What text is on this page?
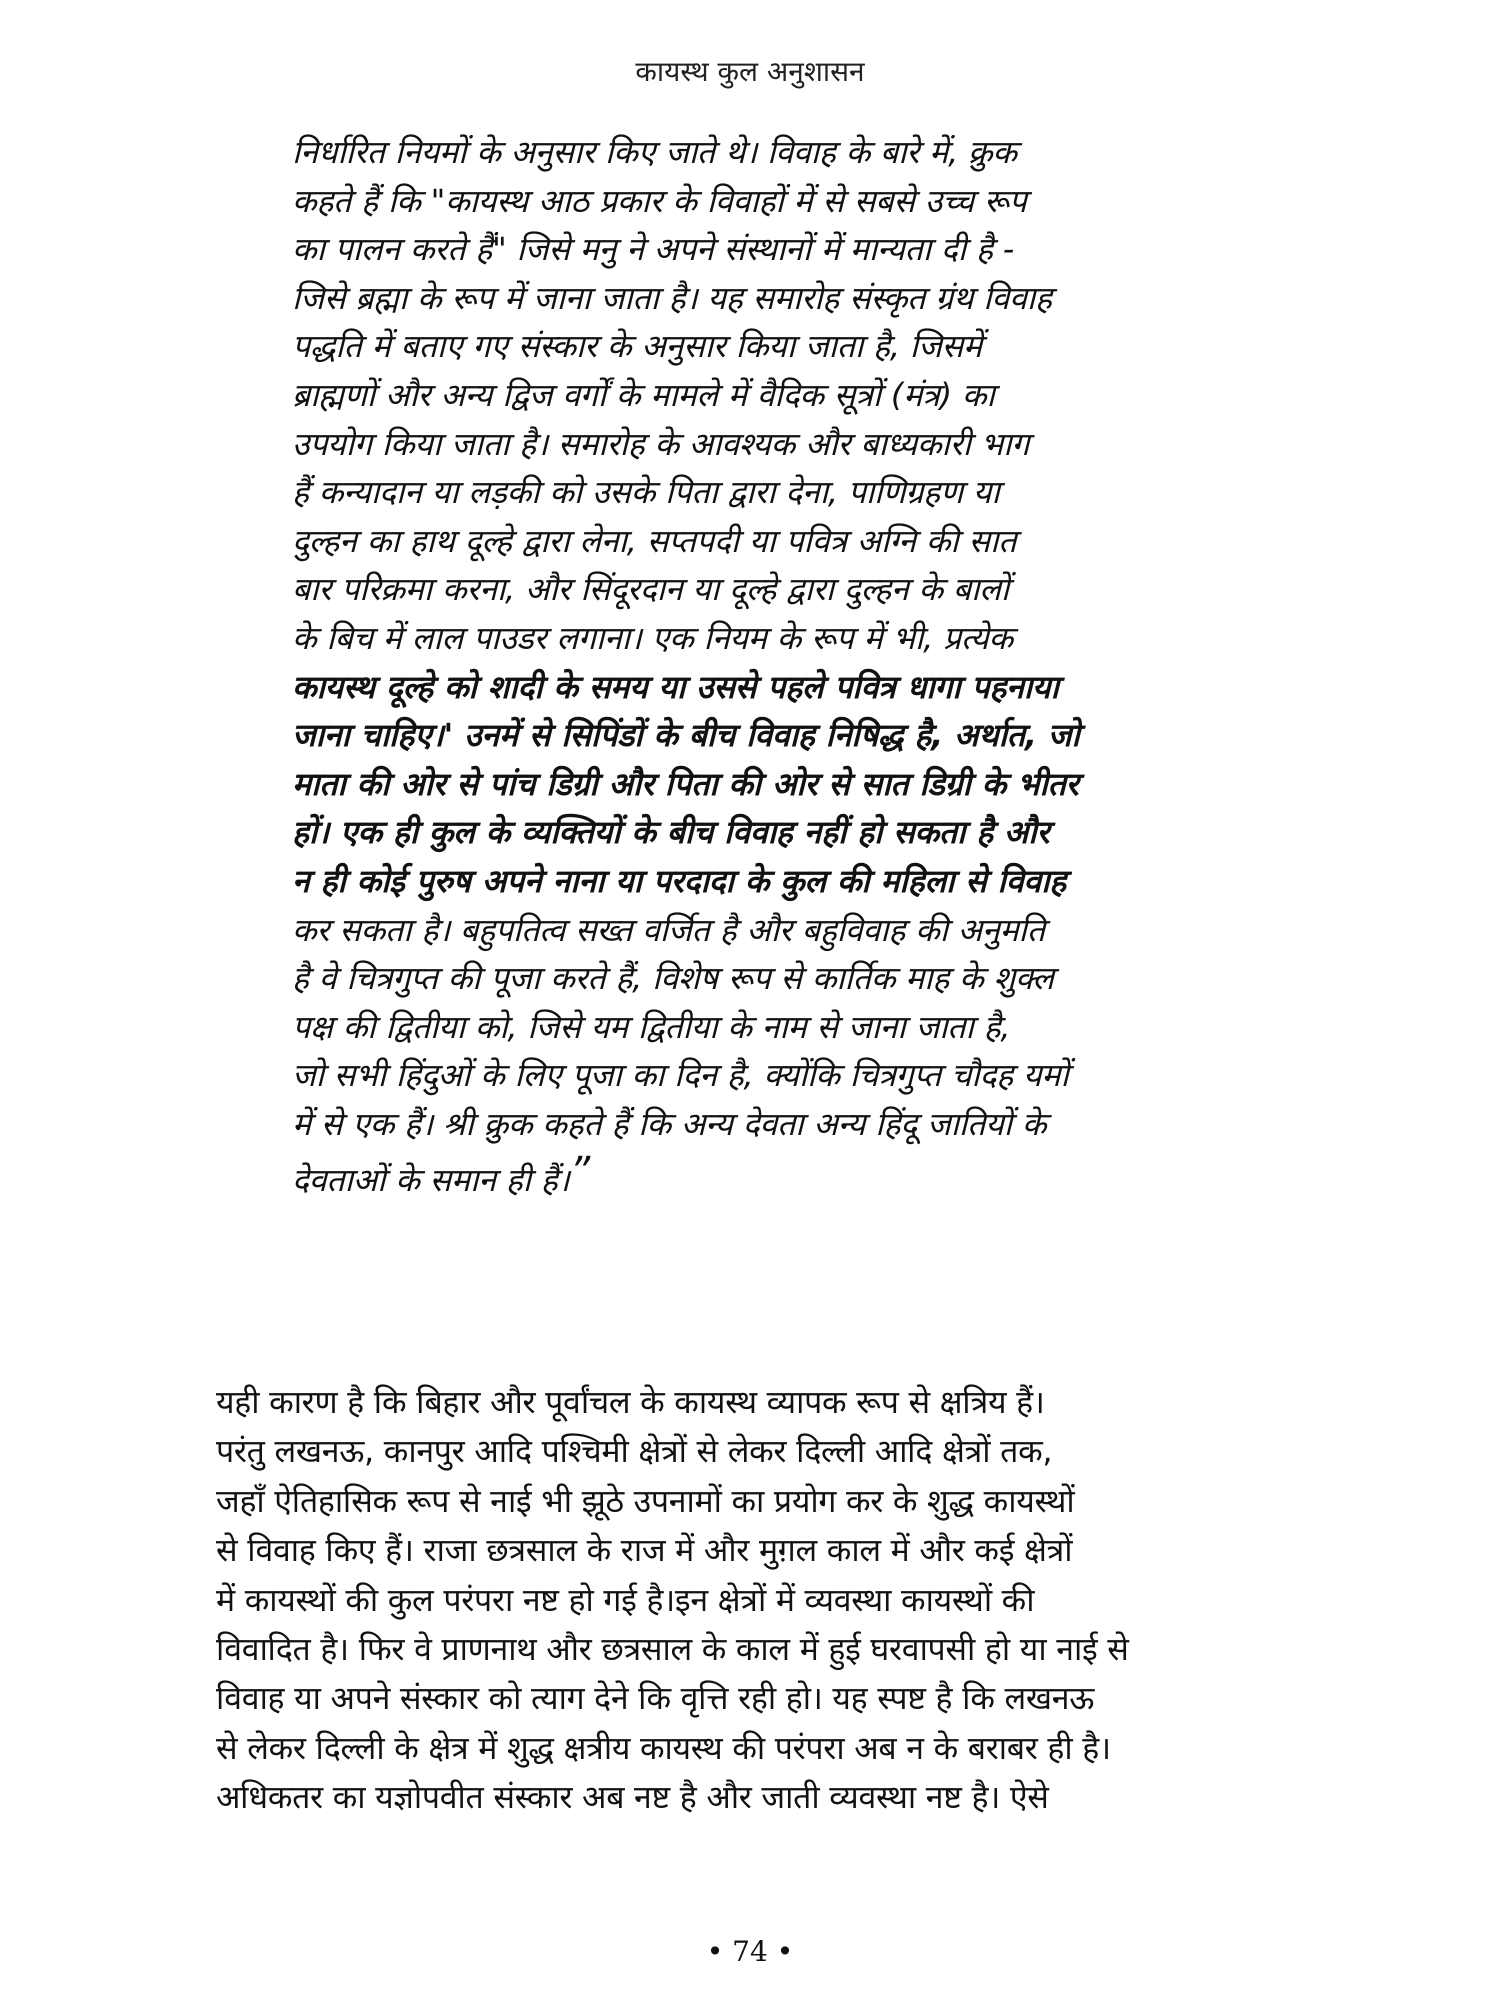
कायस्थ कुल अनुशासन
निर्धारित नियमों के अनुसार किए जाते थे। विवाह के बारे में, क्रुक
कहते हैं कि "कायस्थ आठ प्रकार के विवाहों में से सबसे उच्च रूप
का पालन करते हैं" जिसे मनु ने अपने संस्थानों में मान्यता दी है -
जिसे ब्रह्मा के रूप में जाना जाता है। यह समारोह संस्कृत ग्रंथ विवाह
पद्धति में बताए गए संस्कार के अनुसार किया जाता है, जिसमें
ब्राह्मणों और अन्य द्विज वर्गों के मामले में वैदिक सूत्रों (मंत्र) का
उपयोग किया जाता है। समारोह के आवश्यक और बाध्यकारी भाग
हैं कन्यादान या लड़की को उसके पिता द्वारा देना, पाणिग्रहण या
दुल्हन का हाथ दूल्हे द्वारा लेना, सप्तपदी या पवित्र अग्नि की सात
बार परिक्रमा करना, और सिंदूरदान या दूल्हे द्वारा दुल्हन के बालों
के बिच में लाल पाउडर लगाना। एक नियम के रूप में भी, प्रत्येक
कायस्थ दूल्हे को शादी के समय या उससे पहले पवित्र धागा पहनाया
जाना चाहिए।' उनमें से सिपिंडों के बीच विवाह निषिद्ध है, अर्थात, जो
माता की ओर से पांच डिग्री और पिता की ओर से सात डिग्री के भीतर
हों। एक ही कुल के व्यक्तियों के बीच विवाह नहीं हो सकता है और
न ही कोई पुरुष अपने नाना या परदादा के कुल की महिला से विवाह
कर सकता है। बहुपतित्व सख्त वर्जित है और बहुविवाह की अनुमति
है वे चित्रगुप्त की पूजा करते हैं, विशेष रूप से कार्तिक माह के शुक्ल
पक्ष की द्वितीया को, जिसे यम द्वितीया के नाम से जाना जाता है,
जो सभी हिंदुओं के लिए पूजा का दिन है, क्योंकि चित्रगुप्त चौदह यमों
में से एक हैं। श्री क्रुक कहते हैं कि अन्य देवता अन्य हिंदू जातियों के
देवताओं के समान ही हैं।”
यही कारण है कि बिहार और पूर्वांचल के कायस्थ व्यापक रूप से क्षत्रिय हैं।
परंतु लखनऊ, कानपुर आदि पश्चिमी क्षेत्रों से लेकर दिल्ली आदि क्षेत्रों तक,
जहाँ ऐतिहासिक रूप से नाई भी झूठे उपनामों का प्रयोग कर के शुद्ध कायस्थों
से विवाह किए हैं। राजा छत्रसाल के राज में और मुग़ल काल में और कई क्षेत्रों
में कायस्थों की कुल परंपरा नष्ट हो गई है।इन क्षेत्रों में व्यवस्था कायस्थों की
विवादित है। फिर वे प्राणनाथ और छत्रसाल के काल में हुई घरवापसी हो या नाई से
विवाह या अपने संस्कार को त्याग देने कि वृत्ति रही हो। यह स्पष्ट है कि लखनऊ
से लेकर दिल्ली के क्षेत्र में शुद्ध क्षत्रीय कायस्थ की परंपरा अब न के बराबर ही है।
अधिकतर का यज्ञोपवीत संस्कार अब नष्ट है और जाती व्यवस्था नष्ट है। ऐसे
• 74 •
